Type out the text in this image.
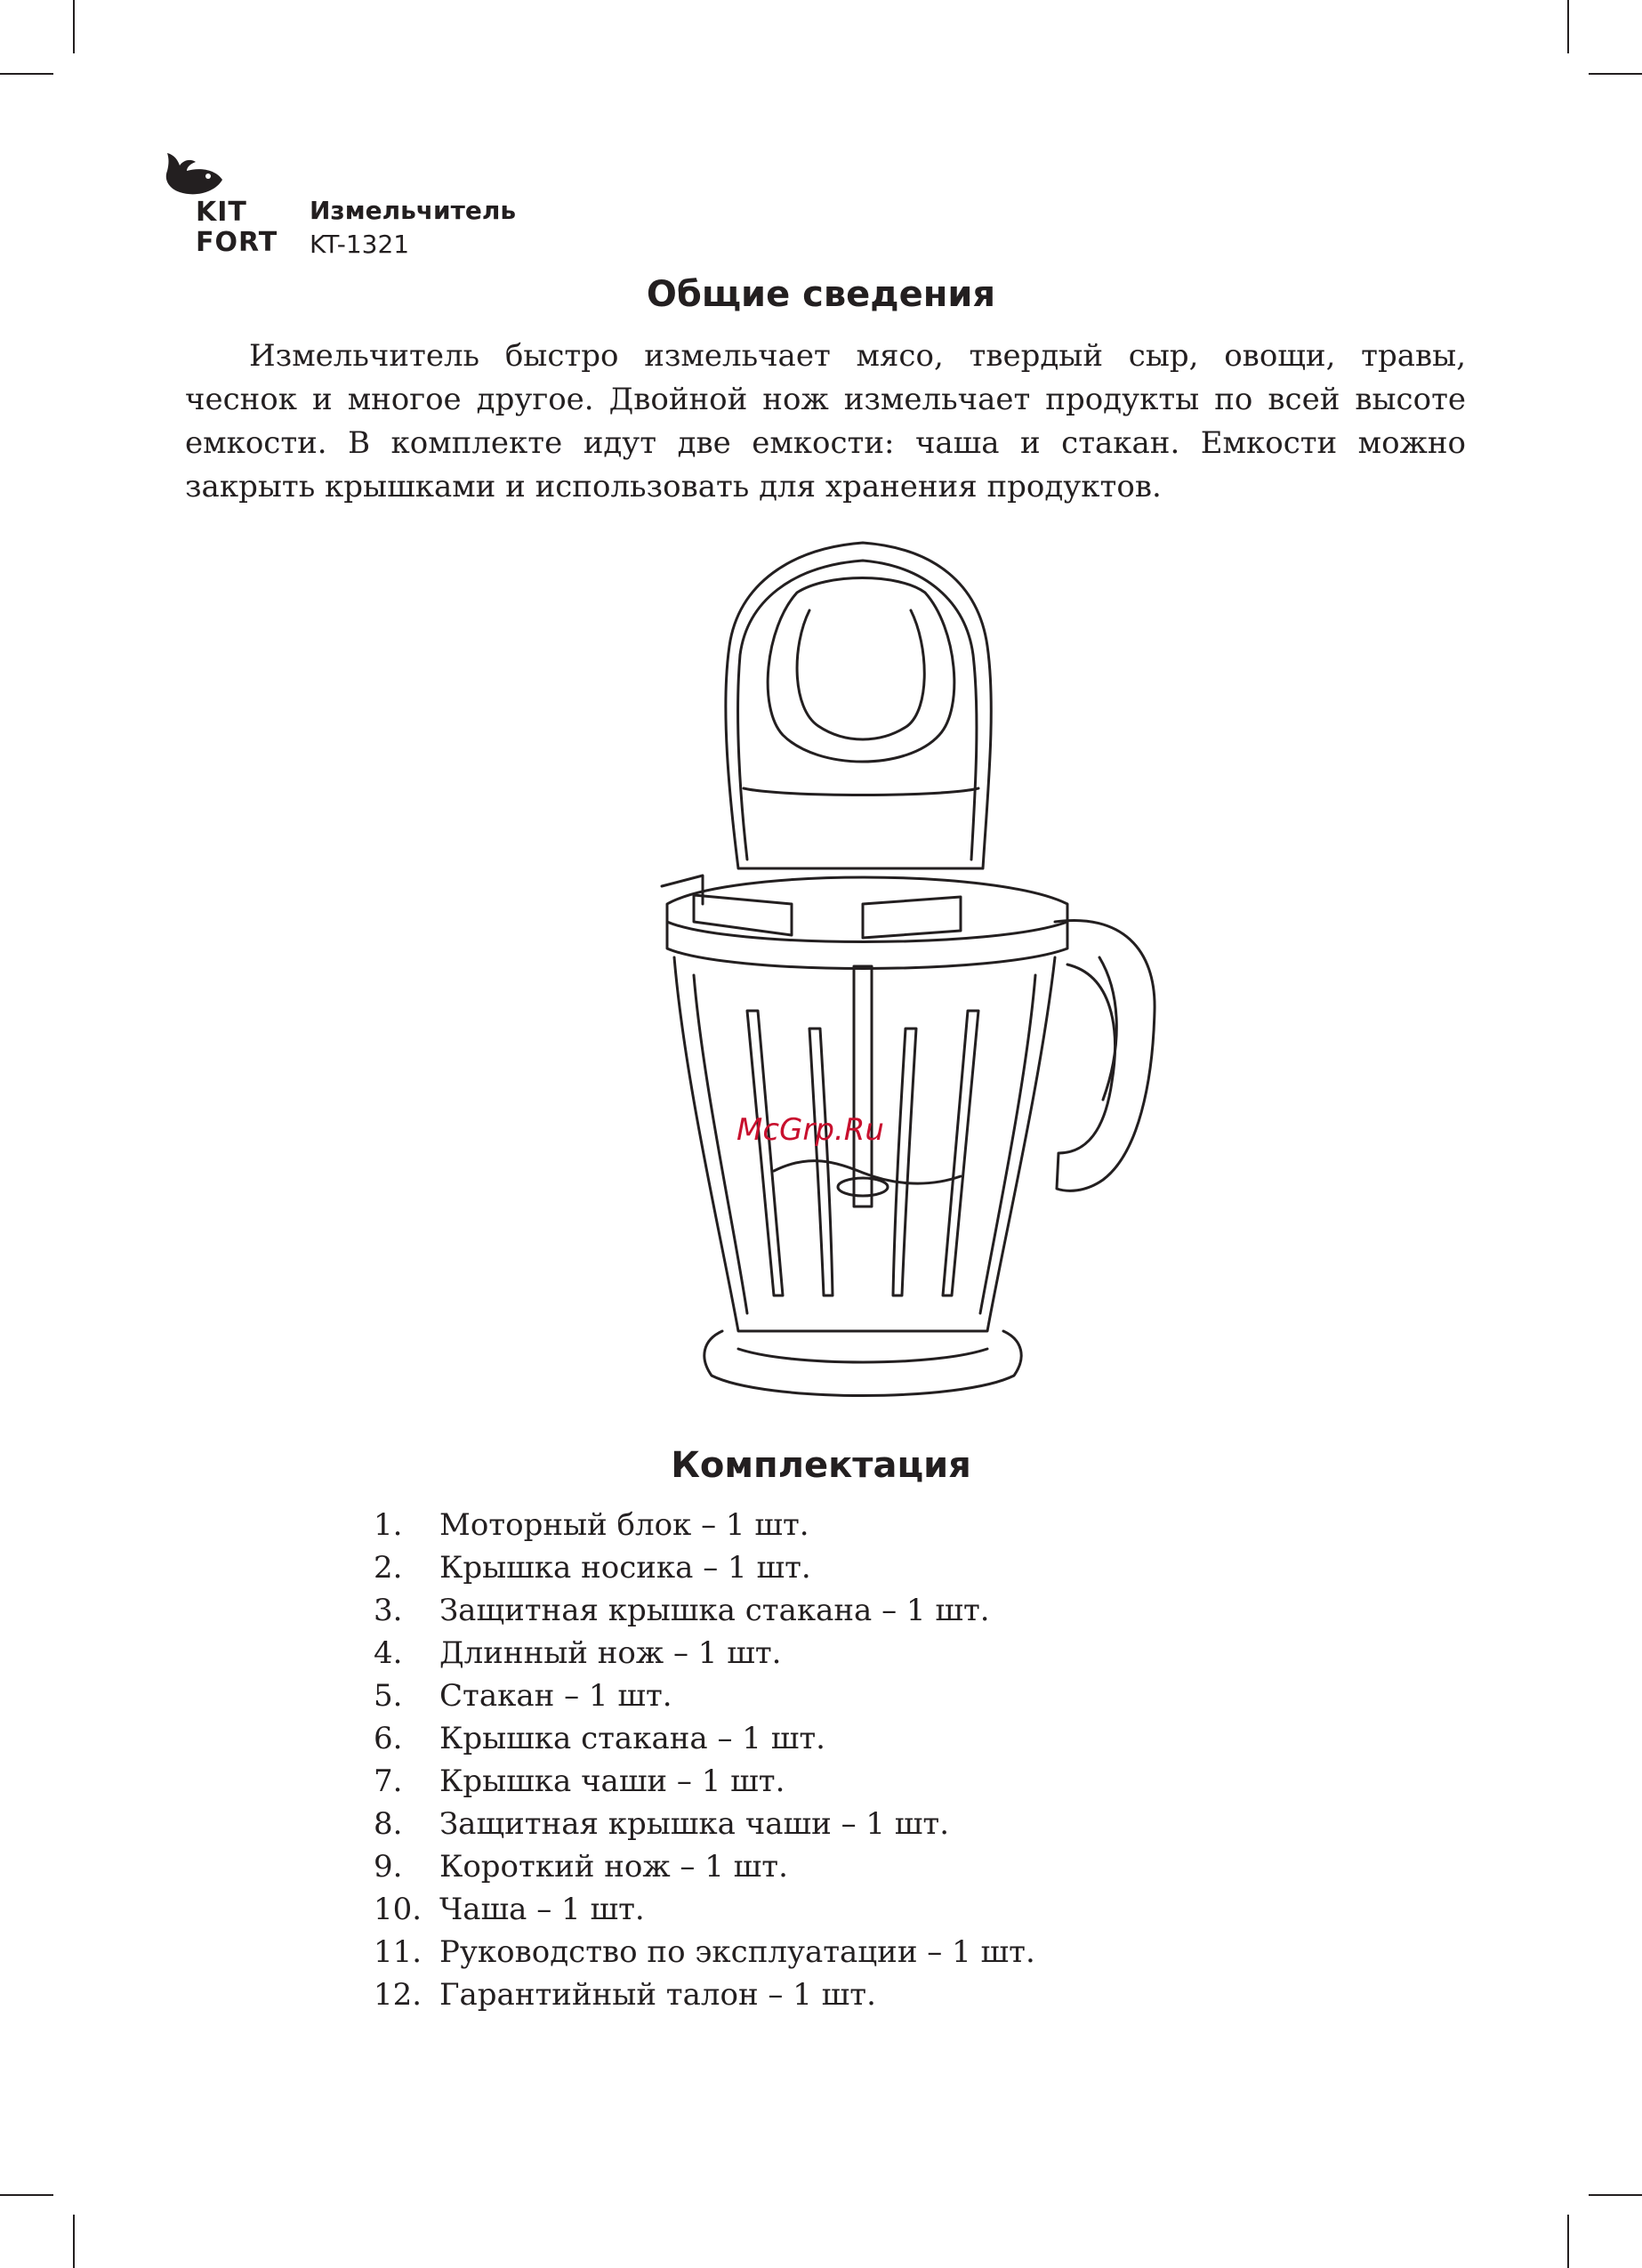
KIT
FORT
Измельчитель
KT-1321
Общие сведения
Измельчитель быстро измельчает мясо, твердый сыр, овощи, травы, чеснок и многое другое. Двойной нож измельчает продукты по всей высоте емкости. В комплекте идут две емкости: чаша и стакан. Емкости можно закрыть крышками и использовать для хранения продуктов.
McGrp.Ru
Комплектация
1. Моторный блок – 1 шт.
2. Крышка носика – 1 шт.
3. Защитная крышка стакана – 1 шт.
4. Длинный нож – 1 шт.
5. Стакан – 1 шт.
6. Крышка стакана – 1 шт.
7. Крышка чаши – 1 шт.
8. Защитная крышка чаши – 1 шт.
9. Короткий нож – 1 шт.
10. Чаша – 1 шт.
11. Руководство по эксплуатации – 1 шт.
12. Гарантийный талон – 1 шт.
